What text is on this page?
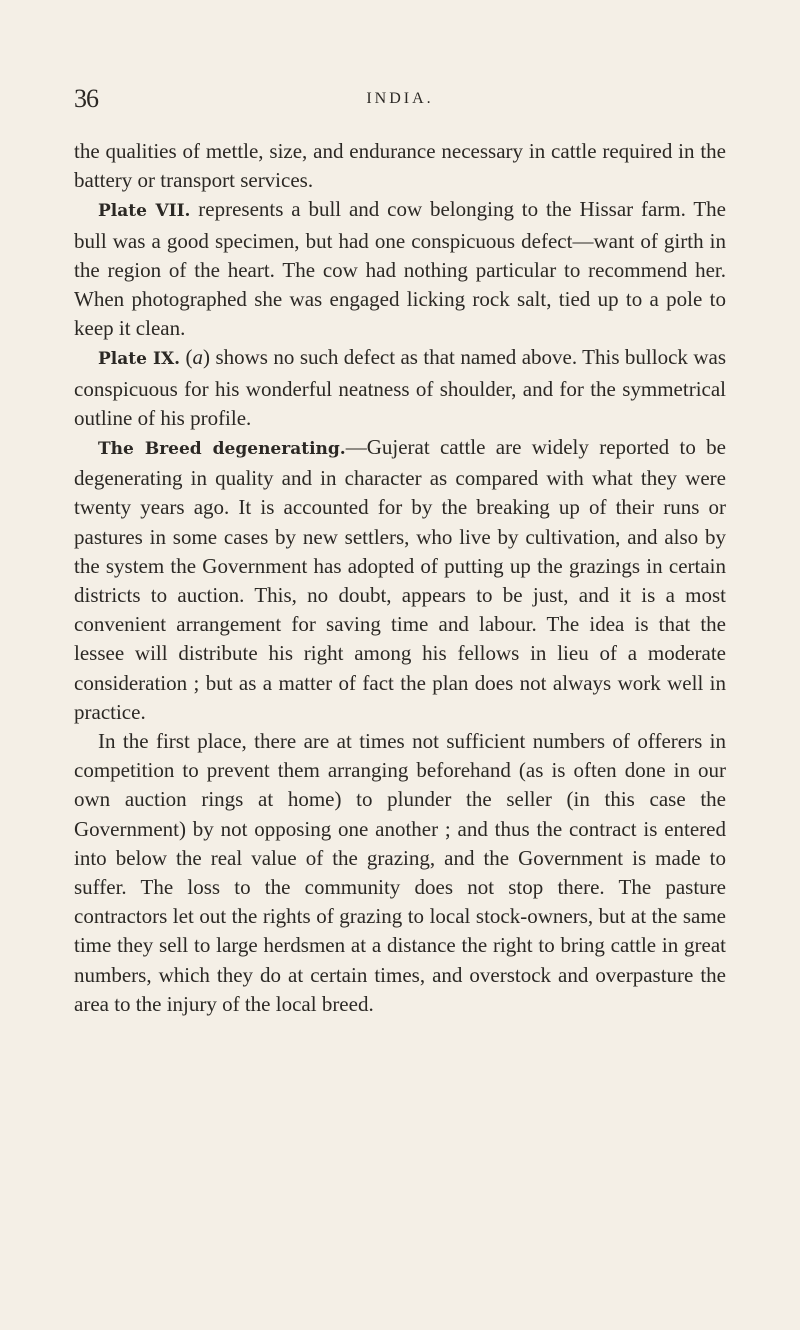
36	INDIA.

the qualities of mettle, size, and endurance necessary in cattle required in the battery or transport services.

Plate VII. represents a bull and cow belonging to the Hissar farm. The bull was a good specimen, but had one conspicuous defect—want of girth in the region of the heart. The cow had nothing particular to recommend her. When photographed she was engaged licking rock salt, tied up to a pole to keep it clean.

Plate IX. (a) shows no such defect as that named above. This bullock was conspicuous for his wonderful neatness of shoulder, and for the symmetrical outline of his profile.

The Breed degenerating.—Gujerat cattle are widely reported to be degenerating in quality and in character as compared with what they were twenty years ago. It is accounted for by the breaking up of their runs or pastures in some cases by new settlers, who live by cultivation, and also by the system the Government has adopted of putting up the grazings in certain districts to auction. This, no doubt, appears to be just, and it is a most convenient arrangement for saving time and labour. The idea is that the lessee will distribute his right among his fellows in lieu of a moderate consideration ; but as a matter of fact the plan does not always work well in practice.

In the first place, there are at times not sufficient numbers of offerers in competition to prevent them arranging beforehand (as is often done in our own auction rings at home) to plunder the seller (in this case the Government) by not opposing one another ; and thus the contract is entered into below the real value of the grazing, and the Government is made to suffer. The loss to the community does not stop there. The pasture contractors let out the rights of grazing to local stock-owners, but at the same time they sell to large herdsmen at a distance the right to bring cattle in great numbers, which they do at certain times, and overstock and overpasture the area to the injury of the local breed.
